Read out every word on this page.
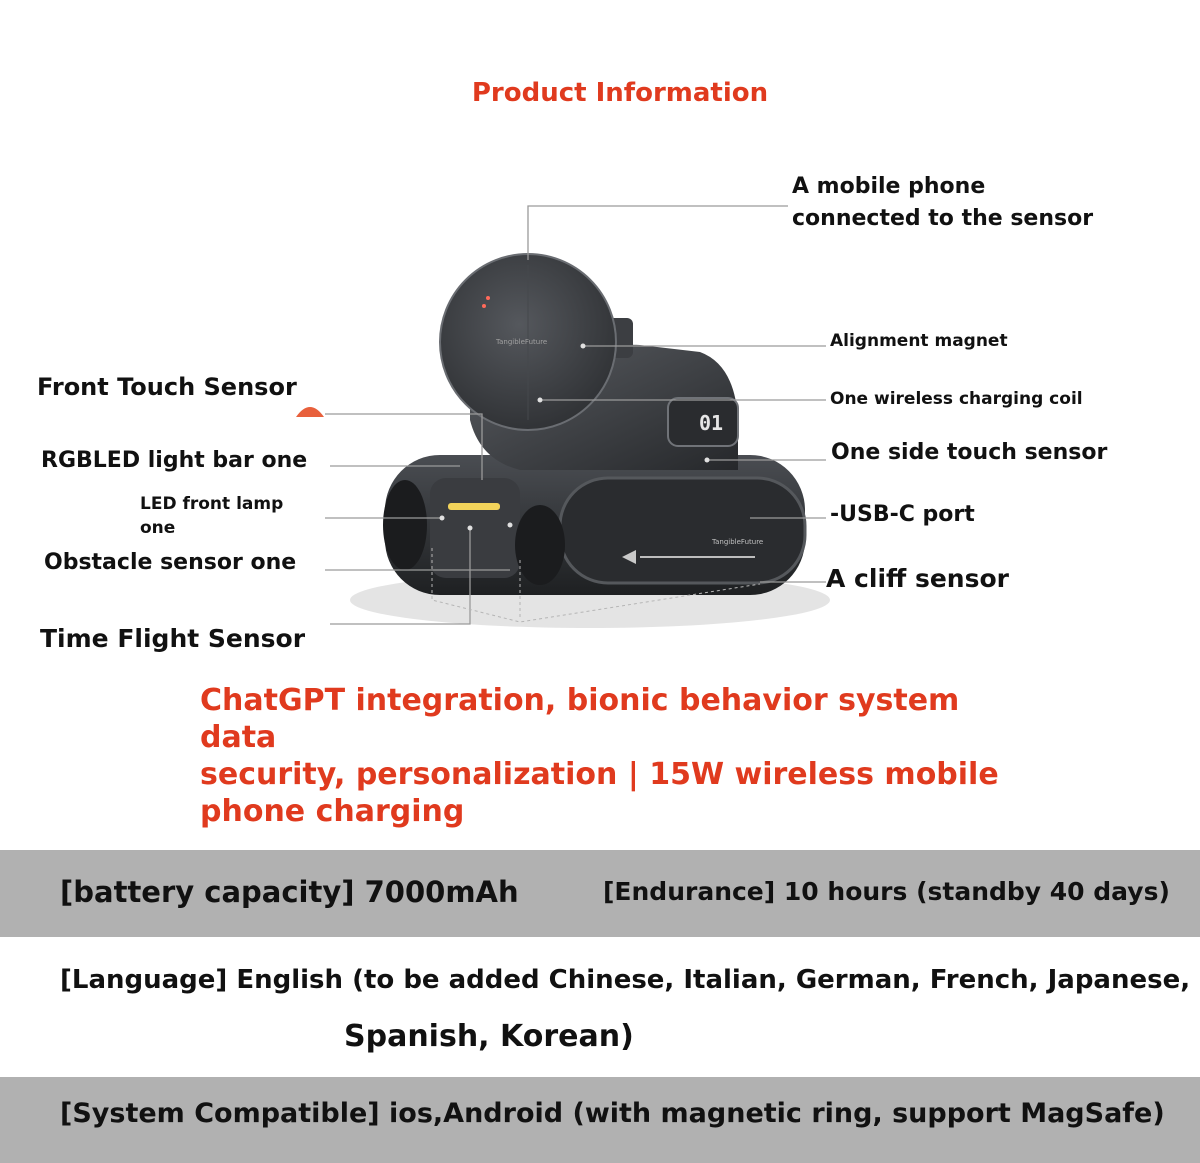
Product Information
TangibleFuture
01
TangibleFuture
A mobile phone
connected to the sensor
Alignment magnet
One wireless charging coil
One side touch sensor
-USB-C port
A cliff sensor
Front Touch Sensor
RGBLED light bar one
LED front lamp
one
Obstacle sensor one
Time Flight Sensor
ChatGPT integration, bionic behavior system data
security, personalization | 15W wireless mobile
phone charging
[battery capacity] 7000mAh	[Endurance] 10 hours (standby 40 days)
[Language] English (to be added Chinese, Italian, German, French, Japanese,
Spanish, Korean)
[System Compatible] ios,Android (with magnetic ring, support MagSafe)
